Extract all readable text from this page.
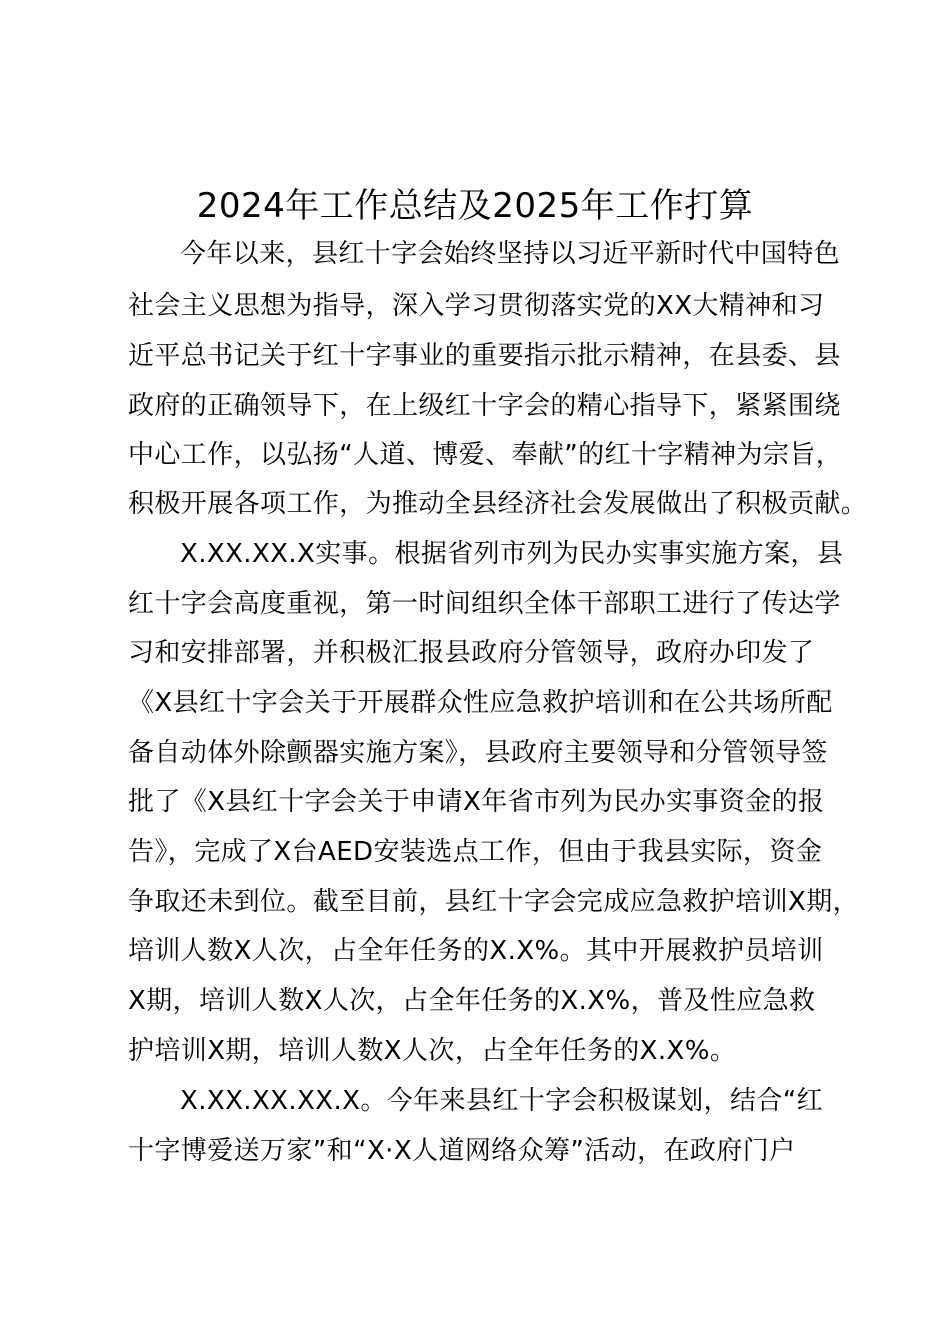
2024年工作总结及2025年工作打算
今年以来，县红十字会始终坚持以习近平新时代中国特色
社会主义思想为指导，深入学习贯彻落实党的XX大精神和习
近平总书记关于红十字事业的重要指示批示精神，在县委、县
政府的正确领导下，在上级红十字会的精心指导下，紧紧围绕
中心工作，以弘扬“人道、博爱、奉献”的红十字精神为宗旨，
积极开展各项工作，为推动全县经济社会发展做出了积极贡献。
X.XX.XX.X实事。根据省列市列为民办实事实施方案，县
红十字会高度重视，第一时间组织全体干部职工进行了传达学
习和安排部署，并积极汇报县政府分管领导，政府办印发了
《X县红十字会关于开展群众性应急救护培训和在公共场所配
备自动体外除颤器实施方案》，县政府主要领导和分管领导签
批了《X县红十字会关于申请X年省市列为民办实事资金的报
告》，完成了X台AED安装选点工作，但由于我县实际，资金
争取还未到位。截至目前，县红十字会完成应急救护培训X期，
培训人数X人次，占全年任务的X.X%。其中开展救护员培训
X期，培训人数X人次，占全年任务的X.X%，普及性应急救
护培训X期，培训人数X人次，占全年任务的X.X%。
X.XX.XX.XX.X。今年来县红十字会积极谋划，结合“红
十字博爱送万家”和“X·X人道网络众筹”活动，在政府门户
